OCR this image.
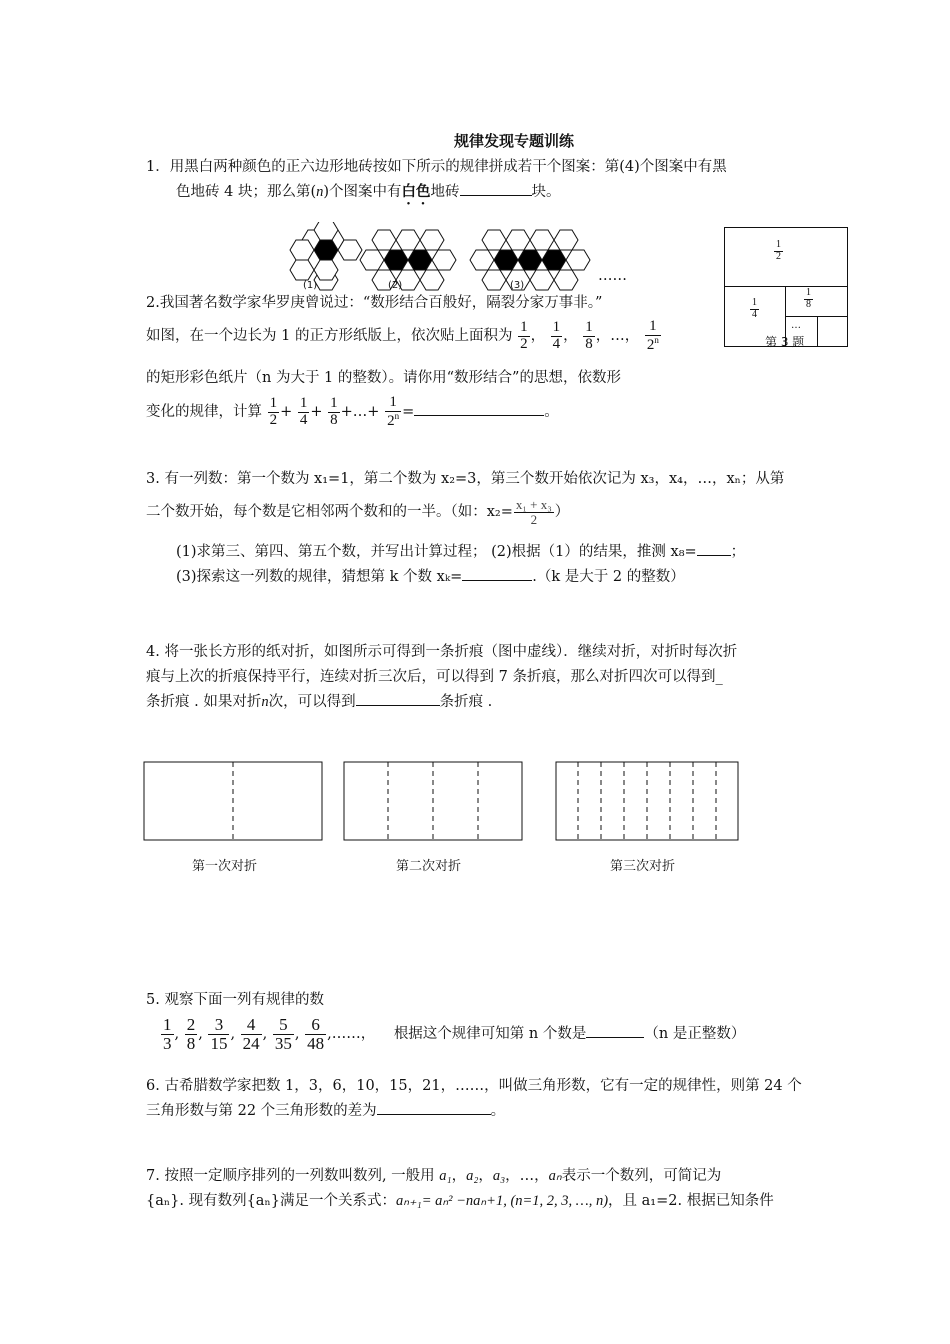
规律发现专题训练
1．用黑白两种颜色的正六边形地砖按如下所示的规律拼成若干个图案：第(4)个图案中有黑
色地砖 4 块；那么第(n)个图案中有白色地砖	块。
(1)	(2)	(3)
……
$\frac{1}{2}$
$\frac{1}{4}$	$\frac{1}{8}$
…
第 3 题
2.我国著名数学家华罗庚曾说过：“数形结合百般好，隔裂分家万事非。”
如图，在一个边长为 1 的正方形纸版上，依次贴上面积为 $\frac{1}{2}$ ， $\frac{1}{4}$ ， $\frac{1}{8}$ ，…， $\frac{1}{2^n}$
的矩形彩色纸片（n 为大于 1 的整数）。请你用“数形结合”的思想，依数形
变化的规律，计算 $\frac{1}{2} + \frac{1}{4} + \frac{1}{8}$ +…+ $\frac{1}{2^n}$ =	。
3. 有一列数：第一个数为 x₁=1，第二个数为 x₂=3，第三个数开始依次记为 x₃，x₄，…，xₙ；从第
二个数开始，每个数是它相邻两个数和的一半。（如：$x_2= \frac{\text{x₁ + x₃}}{2}$ ）
(1)求第三、第四、第五个数，并写出计算过程； (2)根据（1）的结果，推测 x₈= ；
(3)探索这一列数的规律，猜想第 k 个数 xₖ=	.（k 是大于 2 的整数）
4. 将一张长方形的纸对折，如图所示可得到一条折痕（图中虚线）．继续对折，对折时每次折
痕与上次的折痕保持平行，连续对折三次后，可以得到 7 条折痕，那么对折四次可以得到_
条折痕 . 如果对折n次，可以得到	条折痕 .
第一次对折	第二次对折	第三次对折
5. 观察下面一列有规律的数
$\frac{1}{3}$ , $\frac{2}{8}$ , $\frac{3}{15}$ , $\frac{4}{24}$ , $\frac{5}{35}$ , $\frac{6}{48}$ ,……， 根据这个规律可知第 n 个数是	（n 是正整数）
6. 古希腊数学家把数 1，3，6，10，15，21，……，叫做三角形数，它有一定的规律性，则第 24 个
三角形数与第 22 个三角形数的差为	。
7. 按照一定顺序排列的一列数叫数列, 一般用 a₁，a₂，a₃，…，aₙ表示一个数列，可简记为
{aₙ}. 现有数列{aₙ}满足一个关系式：aₙ₊₁= aₙ² −naₙ+1, (n=1, 2, 3, …, n)，且 a₁=2. 根据已知条件
